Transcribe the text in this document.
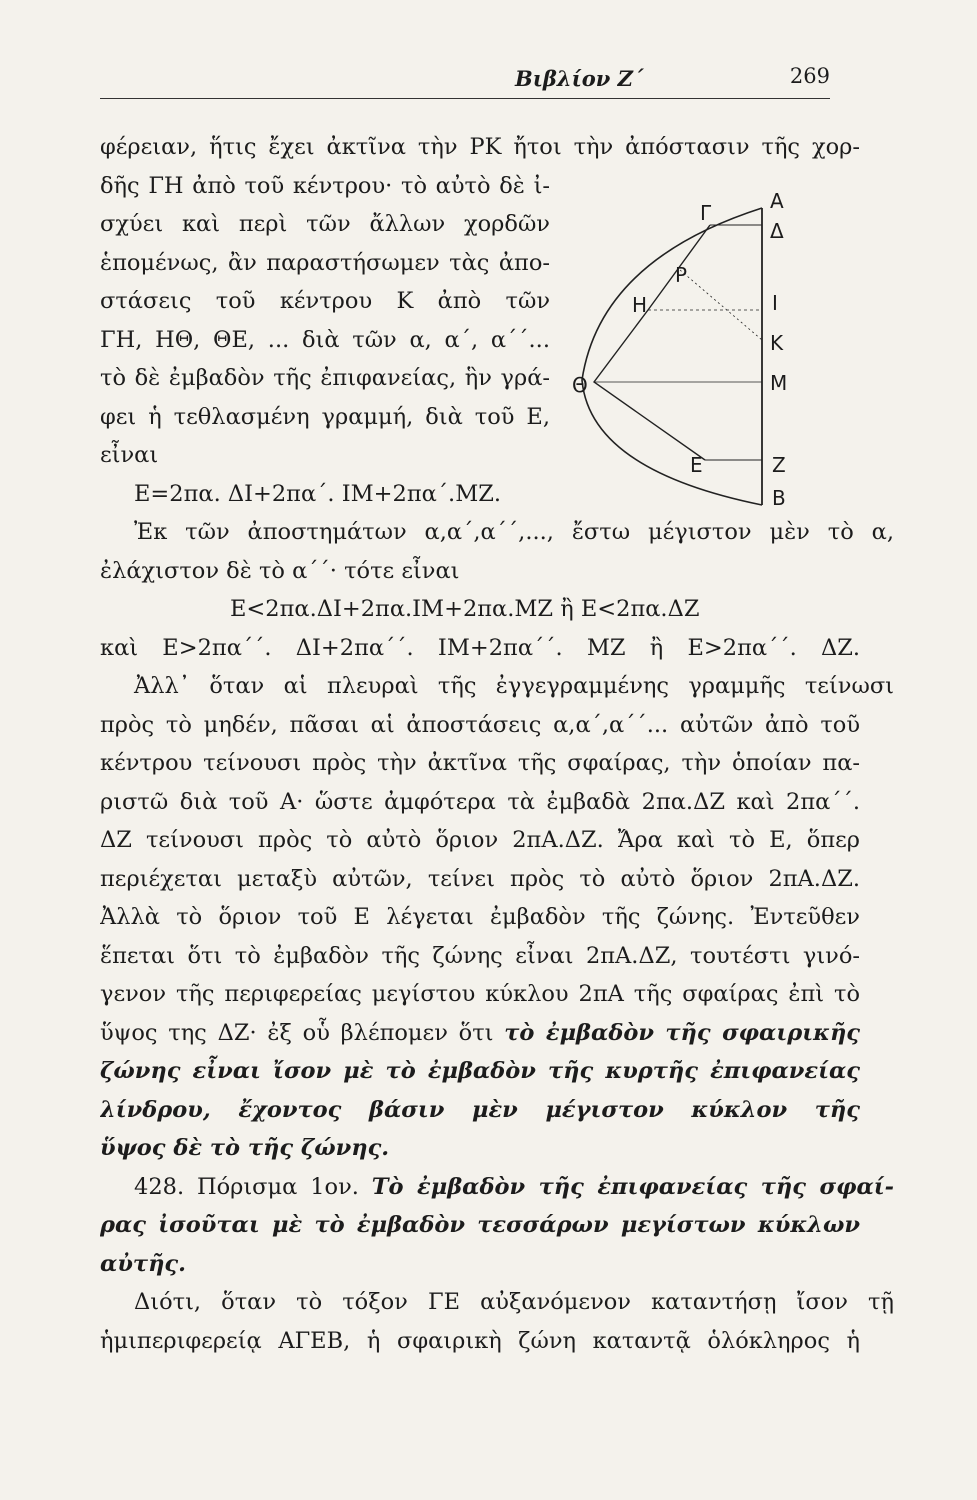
Βιβλίον Ζ΄	269
Γ	Α
Δ
Ρ
Η	Ι
Κ
Θ	Μ
Ε	Ζ
Β
φέρειαν, ἥτις ἔχει ἀκτῖνα τὴν ΡΚ ἤτοι τὴν ἀπόστασιν τῆς χορ-
δῆς ΓΗ ἀπὸ τοῦ κέντρου· τὸ αὐτὸ δὲ ἰ-
σχύει καὶ περὶ τῶν ἄλλων χορδῶν
ἑπομένως, ἂν παραστήσωμεν τὰς ἀπο-
στάσεις τοῦ κέντρου Κ ἀπὸ τῶν
ΓΗ, ΗΘ, ΘΕ, ... διὰ τῶν α, α΄, α΄΄...
τὸ δὲ ἐμβαδὸν τῆς ἐπιφανείας, ἣν γρά-
φει ἡ τεθλασμένη γραμμή, διὰ τοῦ Ε,
εἶναι
Ε=2πα. ΔΙ+2πα΄. ΙΜ+2πα΄.ΜΖ.
Ἐκ τῶν ἀποστημάτων α,α΄,α΄΄,..., ἔστω μέγιστον μὲν τὸ α,
ἐλάχιστον δὲ τὸ α΄΄· τότε εἶναι
Ε<2πα.ΔΙ+2πα.ΙΜ+2πα.ΜΖ ἢ Ε<2πα.ΔΖ
καὶ Ε>2πα΄΄. ΔΙ+2πα΄΄. ΙΜ+2πα΄΄. ΜΖ ἢ Ε>2πα΄΄. ΔΖ.
Ἀλλ᾽ ὅταν αἱ πλευραὶ τῆς ἐγγεγραμμένης γραμμῆς τείνωσι
πρὸς τὸ μηδέν, πᾶσαι αἱ ἀποστάσεις α,α΄,α΄΄... αὐτῶν ἀπὸ τοῦ
κέντρου τείνουσι πρὸς τὴν ἀκτῖνα τῆς σφαίρας, τὴν ὁποίαν πα-
ριστῶ διὰ τοῦ Α· ὥστε ἀμφότερα τὰ ἐμβαδὰ 2πα.ΔΖ καὶ 2πα΄΄.
ΔΖ τείνουσι πρὸς τὸ αὐτὸ ὅριον 2πΑ.ΔΖ. Ἄρα καὶ τὸ Ε, ὅπερ
περιέχεται μεταξὺ αὐτῶν, τείνει πρὸς τὸ αὐτὸ ὅριον 2πΑ.ΔΖ.
Ἀλλὰ τὸ ὅριον τοῦ Ε λέγεται ἐμβαδὸν τῆς ζώνης. Ἐντεῦθεν
ἕπεται ὅτι τὸ ἐμβαδὸν τῆς ζώνης εἶναι 2πΑ.ΔΖ, τουτέστι γινό-
γενον τῆς περιφερείας μεγίστου κύκλου 2πΑ τῆς σφαίρας ἐπὶ τὸ
ὕψος της ΔΖ· ἐξ οὗ βλέπομεν ὅτι τὸ ἐμβαδὸν τῆς σφαιρικῆς
ζώνης εἶναι ἴσον μὲ τὸ ἐμβαδὸν τῆς κυρτῆς ἐπιφανείας
λίνδρου, ἔχοντος βάσιν μὲν μέγιστον κύκλον τῆς
ὕψος δὲ τὸ τῆς ζώνης.
428. Πόρισμα 1ον. Τὸ ἐμβαδὸν τῆς ἐπιφανείας τῆς σφαί-
ρας ἰσοῦται μὲ τὸ ἐμβαδὸν τεσσάρων μεγίστων κύκλων
αὐτῆς.
Διότι, ὅταν τὸ τόξον ΓΕ αὐξανόμενον καταντήσῃ ἴσον τῇ
ἡμιπεριφερείᾳ ΑΓΕΒ, ἡ σφαιρικὴ ζώνη καταντᾷ ὁλόκληρος ἡ
